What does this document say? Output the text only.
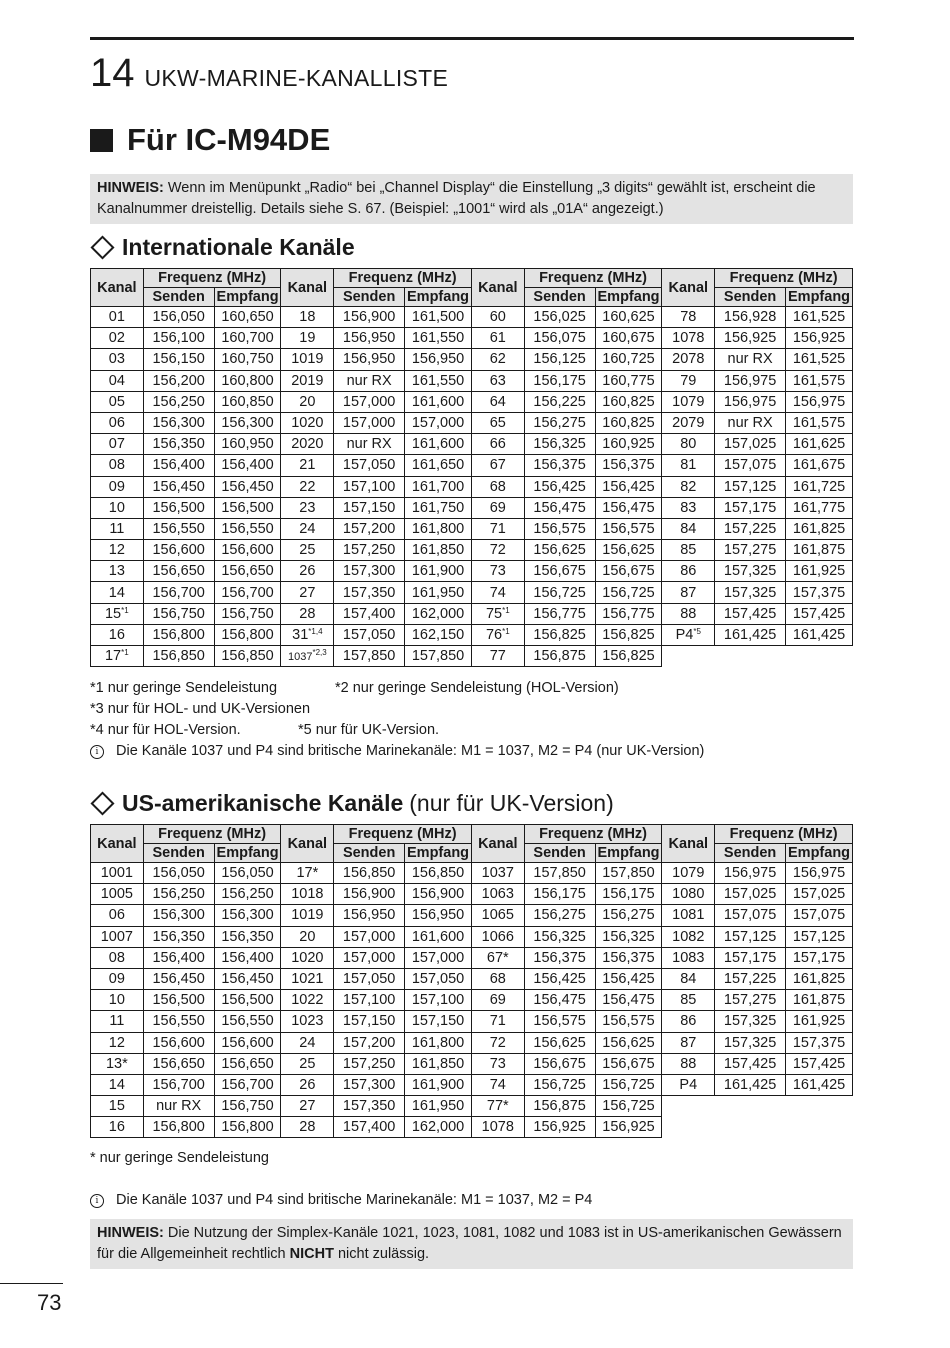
14 UKW-MARINE-KANALLISTE
Für IC-M94DE
HINWEIS: Wenn im Menüpunkt „Radio“ bei „Channel Display“ die Einstellung „3 digits“ gewählt ist, erscheint die Kanalnummer dreistellig. Details siehe S. 67. (Beispiel: „1001“ wird als „01A“ angezeigt.)
Internationale Kanäle
Kanal	Frequenz (MHz)		Kanal	Frequenz (MHz)		Kanal	Frequenz (MHz)		Kanal	Frequenz (MHz)	
	Senden	Empfang		Senden	Empfang		Senden	Empfang		Senden	Empfang
01	156,050	160,650	18	156,900	161,500	60	156,025	160,625	78	156,928	161,525
02	156,100	160,700	19	156,950	161,550	61	156,075	160,675	1078	156,925	156,925
03	156,150	160,750	1019	156,950	156,950	62	156,125	160,725	2078	nur RX	161,525
04	156,200	160,800	2019	nur RX	161,550	63	156,175	160,775	79	156,975	161,575
05	156,250	160,850	20	157,000	161,600	64	156,225	160,825	1079	156,975	156,975
06	156,300	156,300	1020	157,000	157,000	65	156,275	160,825	2079	nur RX	161,575
07	156,350	160,950	2020	nur RX	161,600	66	156,325	160,925	80	157,025	161,625
08	156,400	156,400	21	157,050	161,650	67	156,375	156,375	81	157,075	161,675
09	156,450	156,450	22	157,100	161,700	68	156,425	156,425	82	157,125	161,725
10	156,500	156,500	23	157,150	161,750	69	156,475	156,475	83	157,175	161,775
11	156,550	156,550	24	157,200	161,800	71	156,575	156,575	84	157,225	161,825
12	156,600	156,600	25	157,250	161,850	72	156,625	156,625	85	157,275	161,875
13	156,650	156,650	26	157,300	161,900	73	156,675	156,675	86	157,325	161,925
14	156,700	156,700	27	157,350	161,950	74	156,725	156,725	87	157,325	157,375
15$^{*1}$	156,750	156,750	28	157,400	162,000	75$^{*1}$	156,775	156,775	88	157,425	157,425
16	156,800	156,800	31$^{*1,4}$	157,050	162,150	76$^{*1}$	156,825	156,825	P4$^{*5}$	161,425	161,425
17$^{*1}$	156,850	156,850	1037$^{*2,3}$	157,850	157,850	77	156,875	156,825			
*1 nur geringe Sendeleistung	*2 nur geringe Sendeleistung (HOL-Version)
*3 nur für HOL- und UK-Versionen
*4 nur für HOL-Version.	*5 nur für UK-Version.
i Die Kanäle 1037 und P4 sind britische Marinekanäle: M1 = 1037, M2 = P4 (nur UK-Version)
US-amerikanische Kanäle (nur für UK-Version)
Kanal	Frequenz (MHz)		Kanal	Frequenz (MHz)		Kanal	Frequenz (MHz)		Kanal	Frequenz (MHz)	
	Senden	Empfang		Senden	Empfang		Senden	Empfang		Senden	Empfang
1001	156,050	156,050	17*	156,850	156,850	1037	157,850	157,850	1079	156,975	156,975
1005	156,250	156,250	1018	156,900	156,900	1063	156,175	156,175	1080	157,025	157,025
06	156,300	156,300	1019	156,950	156,950	1065	156,275	156,275	1081	157,075	157,075
1007	156,350	156,350	20	157,000	161,600	1066	156,325	156,325	1082	157,125	157,125
08	156,400	156,400	1020	157,000	157,000	67*	156,375	156,375	1083	157,175	157,175
09	156,450	156,450	1021	157,050	157,050	68	156,425	156,425	84	157,225	161,825
10	156,500	156,500	1022	157,100	157,100	69	156,475	156,475	85	157,275	161,875
11	156,550	156,550	1023	157,150	157,150	71	156,575	156,575	86	157,325	161,925
12	156,600	156,600	24	157,200	161,800	72	156,625	156,625	87	157,325	157,375
13*	156,650	156,650	25	157,250	161,850	73	156,675	156,675	88	157,425	157,425
14	156,700	156,700	26	157,300	161,900	74	156,725	156,725	P4	161,425	161,425
15	nur RX	156,750	27	157,350	161,950	77*	156,875	156,725			
16	156,800	156,800	28	157,400	162,000	1078	156,925	156,925			
* nur geringe Sendeleistung
i Die Kanäle 1037 und P4 sind britische Marinekanäle: M1 = 1037, M2 = P4
HINWEIS: Die Nutzung der Simplex-Kanäle 1021, 1023, 1081, 1082 und 1083 ist in US-amerikanischen Gewässern für die Allgemeinheit rechtlich NICHT nicht zulässig.
73
